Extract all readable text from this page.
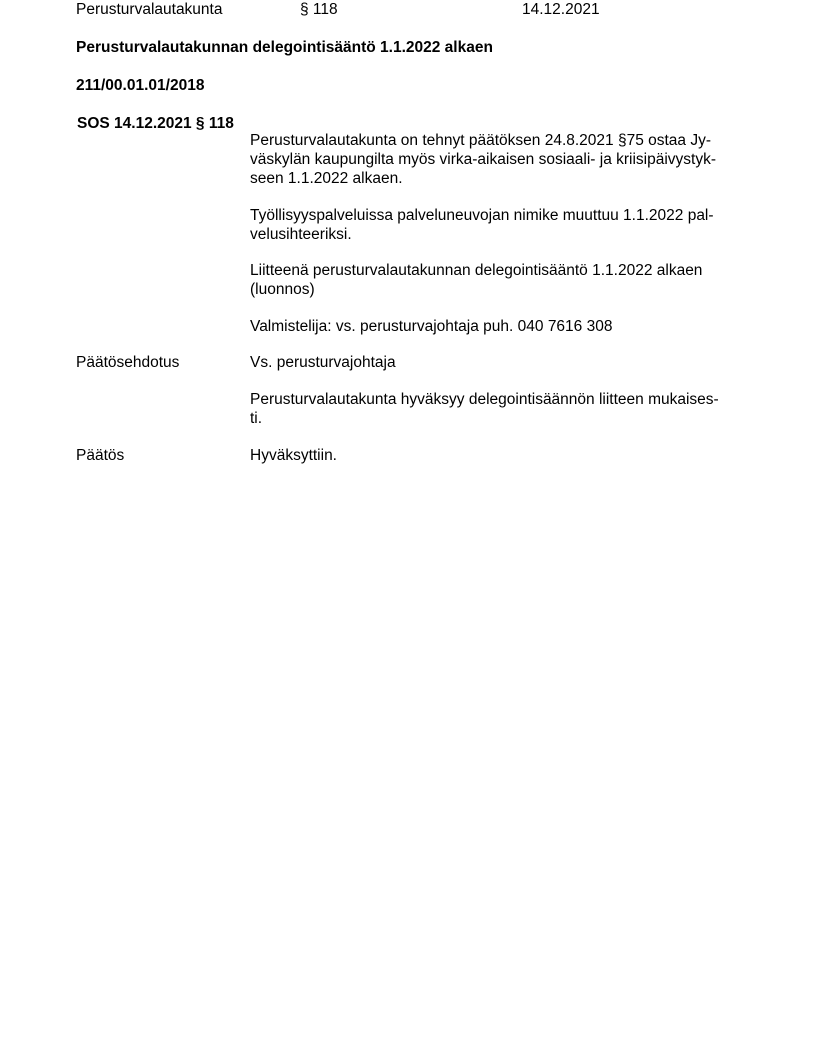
Perusturvalautakunta	§ 118	14.12.2021
Perusturvalautakunnan delegointisääntö 1.1.2022 alkaen
211/00.01.01/2018
SOS 14.12.2021 § 118
Perusturvalautakunta on tehnyt päätöksen 24.8.2021 §75 ostaa Jy-
väskylän kaupungilta myös virka-aikaisen sosiaali- ja kriisipäivystyk-
seen 1.1.2022 alkaen.
Työllisyyspalveluissa palveluneuvojan nimike muuttuu 1.1.2022 pal-
velusihteeriksi.
Liitteenä perusturvalautakunnan delegointisääntö 1.1.2022 alkaen
(luonnos)
Valmistelija: vs. perusturvajohtaja puh. 040 7616 308
Päätösehdotus	Vs. perusturvajohtaja
Perusturvalautakunta hyväksyy delegointisäännön liitteen mukaises-
ti.
Päätös	Hyväksyttiin.
